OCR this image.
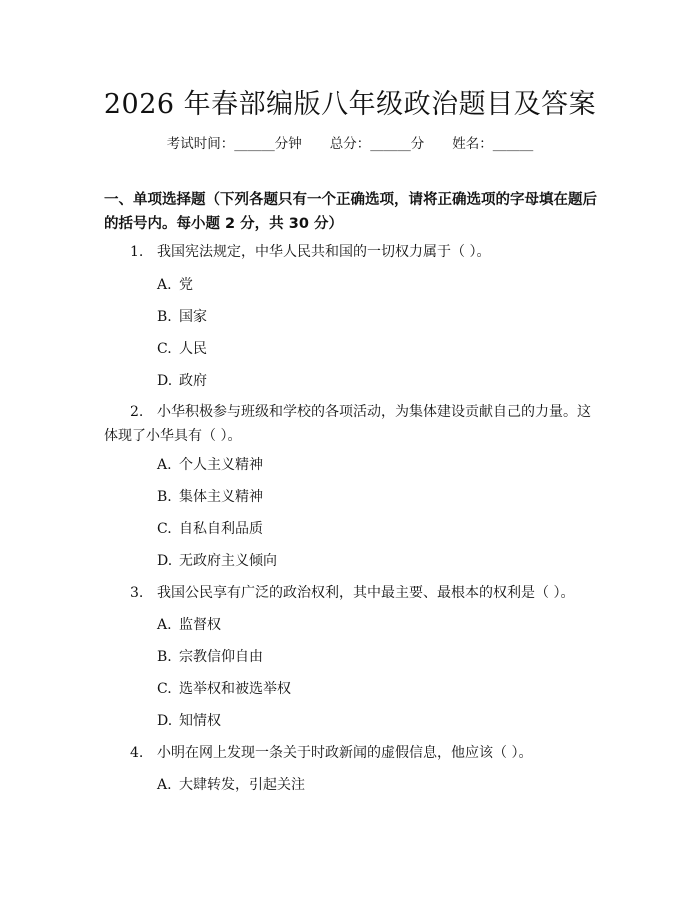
2026 年春部编版八年级政治题目及答案
考试时间：______分钟 总分：______分 姓名：______
一、单项选择题（下列各题只有一个正确选项，请将正确选项的字母填在题后的括号内。每小题 2 分，共 30 分）
1. 我国宪法规定，中华人民共和国的一切权力属于（ ）。
A. 党
B. 国家
C. 人民
D. 政府
2. 小华积极参与班级和学校的各项活动，为集体建设贡献自己的力量。这体现了小华具有（ ）。
A. 个人主义精神
B. 集体主义精神
C. 自私自利品质
D. 无政府主义倾向
3. 我国公民享有广泛的政治权利，其中最主要、最根本的权利是（ ）。
A. 监督权
B. 宗教信仰自由
C. 选举权和被选举权
D. 知情权
4. 小明在网上发现一条关于时政新闻的虚假信息，他应该（ ）。
A. 大肆转发，引起关注
